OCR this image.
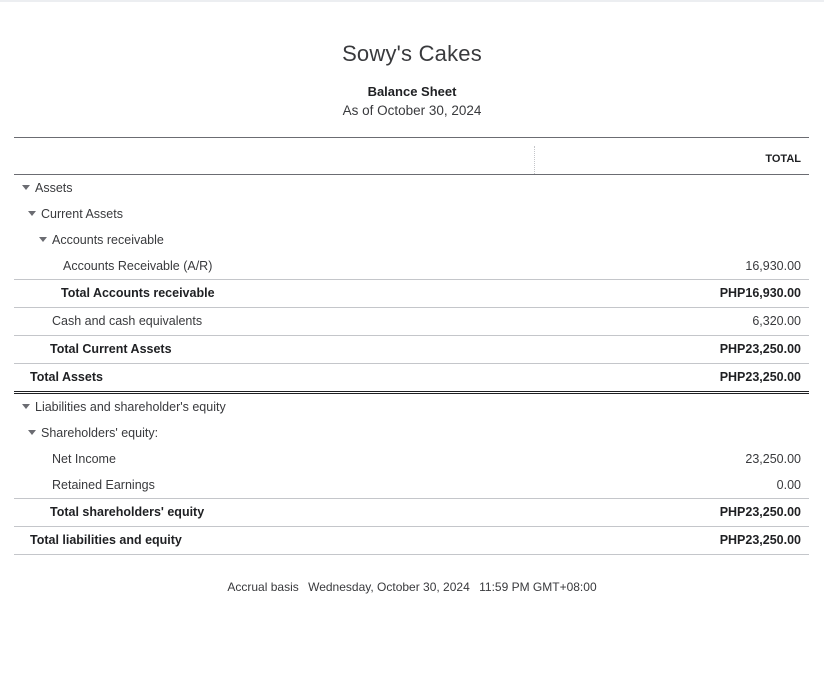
Sowy's Cakes
Balance Sheet
As of October 30, 2024
TOTAL
Assets
Current Assets
Accounts receivable
Accounts Receivable (A/R)	16,930.00
Total Accounts receivable	PHP16,930.00
Cash and cash equivalents	6,320.00
Total Current Assets	PHP23,250.00
Total Assets	PHP23,250.00
Liabilities and shareholder's equity
Shareholders' equity:
Net Income	23,250.00
Retained Earnings	0.00
Total shareholders' equity	PHP23,250.00
Total liabilities and equity	PHP23,250.00
Accrual basis Wednesday, October 30, 2024 11:59 PM GMT+08:00
